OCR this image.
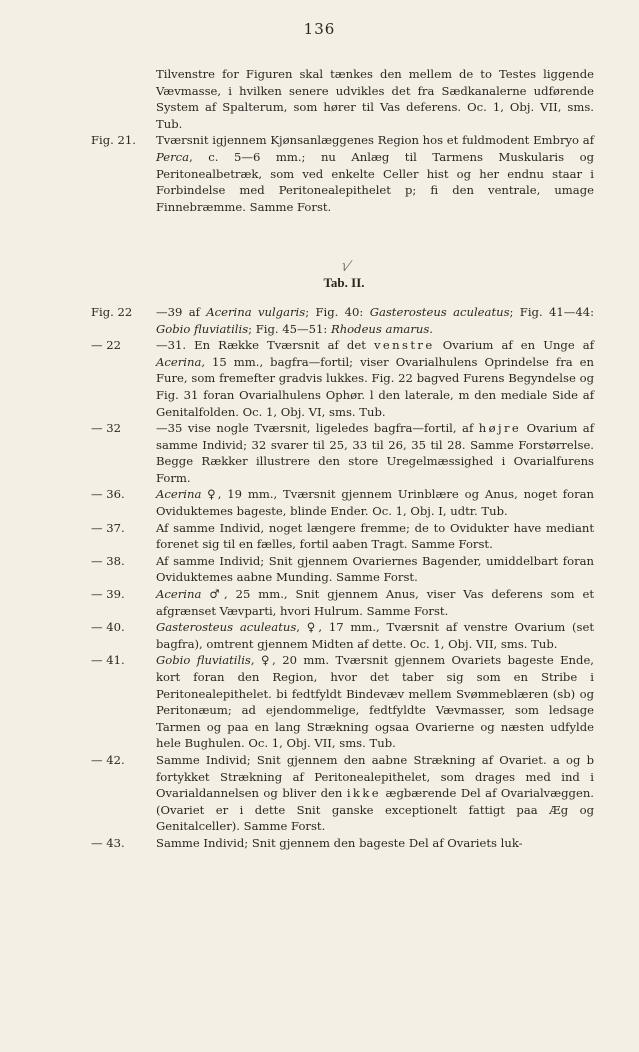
136

Tilvenstre for Figuren skal tænkes den mellem de to Testes liggende Vævmasse, i hvilken senere udvikles det fra Sædkanalerne udførende System af Spalterum, som hører til Vas deferens. Oc. 1, Obj. VII, sms. Tub.

Fig. 21.	Tværsnit igjennem Kjønsanlæggenes Region hos et fuldmodent Embryo af Perca, c. 5—6 mm.; nu Anlæg til Tarmens Muskularis og Peritonealbetræk, som ved enkelte Celler hist og her endnu staar i Forbindelse med Peritonealepithelet p; fi den ventrale, umage Finnebræmme. Samme Forst.

√
Tab. II.

Fig. 22	—39 af Acerina vulgaris; Fig. 40: Gasterosteus aculeatus; Fig. 41—44: Gobio fluviatilis; Fig. 45—51: Rhodeus amarus.

— 22	—31. En Række Tværsnit af det venstre Ovarium af en Unge af Acerina, 15 mm., bagfra—fortil; viser Ovarialhulens Oprindelse fra en Fure, som fremefter gradvis lukkes. Fig. 22 bagved Furens Begyndelse og Fig. 31 foran Ovarialhulens Ophør. l den laterale, m den mediale Side af Genitalfolden. Oc. 1, Obj. VI, sms. Tub.

— 32	—35 vise nogle Tværsnit, ligeledes bagfra—fortil, af højre Ovarium af samme Individ; 32 svarer til 25, 33 til 26, 35 til 28. Samme Forstørrelse. Begge Rækker illustrere den store Uregelmæssighed i Ovarialfurens Form.

— 36.	Acerina ♀, 19 mm., Tværsnit gjennem Urinblære og Anus, noget foran Oviduktemes bageste, blinde Ender. Oc. 1, Obj. I, udtr. Tub.

— 37.	Af samme Individ, noget længere fremme; de to Ovidukter have mediant forenet sig til en fælles, fortil aaben Tragt. Samme Forst.

— 38.	Af samme Individ; Snit gjennem Ovariernes Bagender, umiddelbart foran Oviduktemes aabne Munding. Samme Forst.

— 39.	Acerina ♂, 25 mm., Snit gjennem Anus, viser Vas deferens som et afgrænset Vævparti, hvori Hulrum. Samme Forst.

— 40.	Gasterosteus aculeatus, ♀, 17 mm., Tværsnit af venstre Ovarium (set bagfra), omtrent gjennem Midten af dette. Oc. 1, Obj. VII, sms. Tub.

— 41.	Gobio fluviatilis, ♀, 20 mm. Tværsnit gjennem Ovariets bageste Ende, kort foran den Region, hvor det taber sig som en Stribe i Peritonealepithelet. bi fedtfyldt Bindevæv mellem Svømmeblæren (sb) og Peritonæum; ad ejendommelige, fedtfyldte Vævmasser, som ledsage Tarmen og paa en lang Strækning ogsaa Ovarierne og næsten udfylde hele Bughulen. Oc. 1, Obj. VII, sms. Tub.

— 42.	Samme Individ; Snit gjennem den aabne Strækning af Ovariet. a og b fortykket Strækning af Peritonealepithelet, som drages med ind i Ovarialdannelsen og bliver den ikke ægbærende Del af Ovarialvæggen. (Ovariet er i dette Snit ganske exceptionelt fattigt paa Æg og Genitalceller). Samme Forst.

— 43.	Samme Individ; Snit gjennem den bageste Del af Ovariets luk-
